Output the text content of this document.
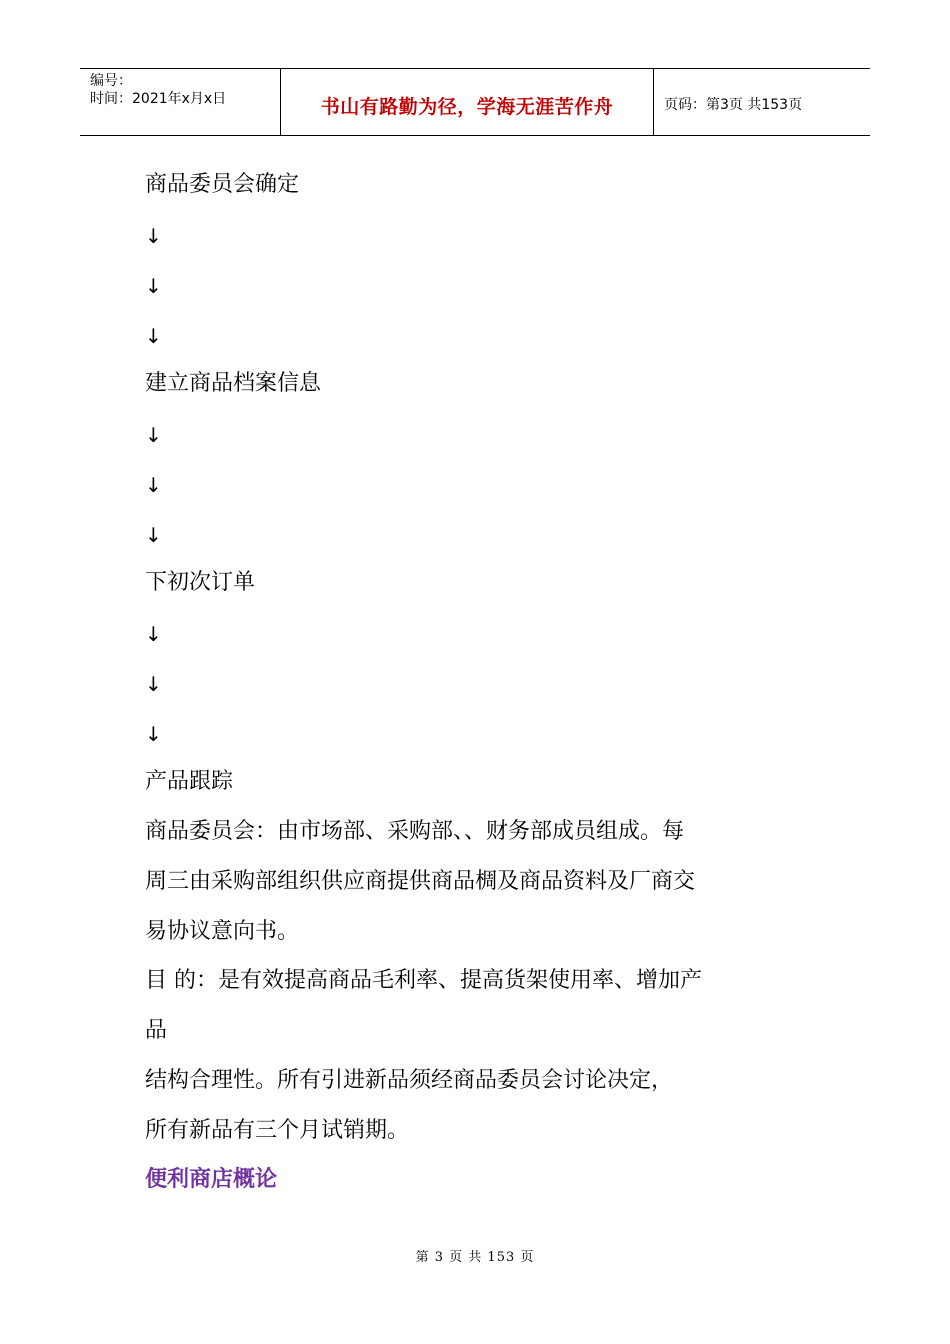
编号：
时间：2021年x月x日	书山有路勤为径，学海无涯苦作舟	页码：第3页 共153页
商品委员会确定
↓
↓
↓
建立商品档案信息
↓
↓
↓
下初次订单
↓
↓
↓
产品跟踪
商品委员会：由市场部、采购部、、财务部成员组成。每
周三由采购部组织供应商提供商品椆及商品资料及厂商交
易协议意向书。
目 的：是有效提高商品毛利率、提高货架使用率、增加产
品
结构合理性。所有引进新品须经商品委员会讨论决定，
所有新品有三个月试销期。
便利商店概论
第 3 页 共 153 页
